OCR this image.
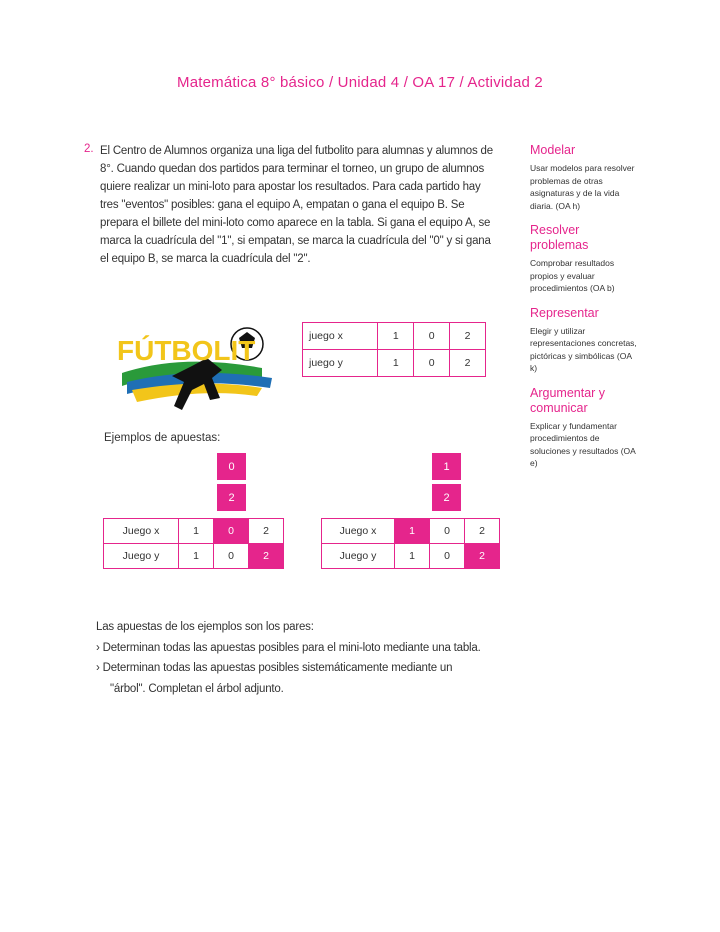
Matemática 8° básico / Unidad 4 / OA 17 / Actividad 2
2. El Centro de Alumnos organiza una liga del futbolito para alumnas y alumnos de 8°. Cuando quedan dos partidos para terminar el torneo, un grupo de alumnos quiere realizar un mini-loto para apostar los resultados. Para cada partido hay tres "eventos" posibles: gana el equipo A, empatan o gana el equipo B. Se prepara el billete del mini-loto como aparece en la tabla. Si gana el equipo A, se marca la cuadrícula del "1", si empatan, se marca la cuadrícula del "0" y si gana el equipo B, se marca la cuadrícula del "2".
Modelar
Usar modelos para resolver problemas de otras asignaturas y de la vida diaria. (OA h)
Resolver problemas
Comprobar resultados propios y evaluar procedimientos (OA b)
Representar
Elegir y utilizar representaciones concretas, pictóricas y simbólicas (OA k)
Argumentar y comunicar
Explicar y fundamentar procedimientos de soluciones y resultados (OA e)
FÚTBOLIT	juego x	1	0	2
juego y	1	0	2
Ejemplos de apuestas:
0
2
Juego x	1	0	2
Juego y	1	0	2
1
2
Juego x	1	0	2
Juego y	1	0	2
Las apuestas de los ejemplos son los pares:
› Determinan todas las apuestas posibles para el mini-loto mediante una tabla.
› Determinan todas las apuestas posibles sistemáticamente mediante un
"árbol". Completan el árbol adjunto.
